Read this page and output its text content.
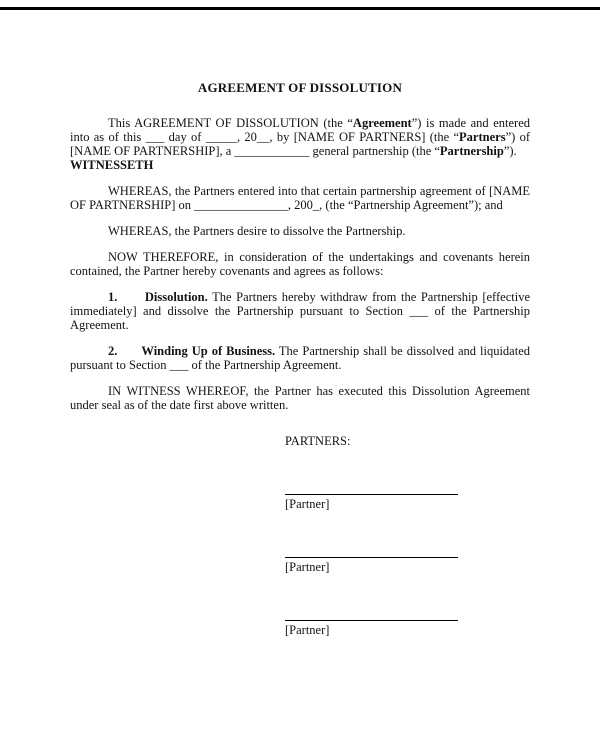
AGREEMENT OF DISSOLUTION

This AGREEMENT OF DISSOLUTION (the “Agreement”) is made and entered into as of this ___ day of _____, 20__, by [NAME OF PARTNERS] (the “Partners”) of [NAME OF PARTNERSHIP], a ____________ general partnership (the “Partnership”).

WITNESSETH

WHEREAS, the Partners entered into that certain partnership agreement of [NAME OF PARTNERSHIP] on _______________, 200_, (the “Partnership Agreement”); and

WHEREAS, the Partners desire to dissolve the Partnership.

NOW THEREFORE, in consideration of the undertakings and covenants herein contained, the Partner hereby covenants and agrees as follows:

1. Dissolution. The Partners hereby withdraw from the Partnership [effective immediately] and dissolve the Partnership pursuant to Section ___ of the Partnership Agreement.

2. Winding Up of Business. The Partnership shall be dissolved and liquidated pursuant to Section ___ of the Partnership Agreement.

IN WITNESS WHEREOF, the Partner has executed this Dissolution Agreement under seal as of the date first above written.

PARTNERS:
[Partner]
[Partner]
[Partner]
